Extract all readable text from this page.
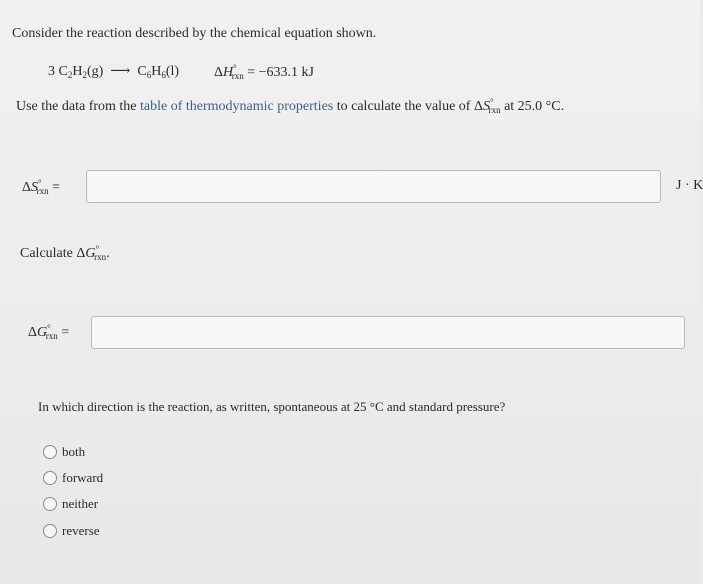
Consider the reaction described by the chemical equation shown.
3 $C_2H_2(g)$ ⟶ $C_6H_6(l) \Delta H^\circ_{rxn} = -633.1$ kJ
Use the data from the table of thermodynamic properties to calculate the value of $\Delta S^\circ_{rxn}$ at 25.0 °C.
$\Delta S^\circ_{rxn}$ =	J · K
Calculate $\Delta G^\circ_{rxn}$.
$\Delta G^\circ_{rxn}$ =
In which direction is the reaction, as written, spontaneous at 25 °C and standard pressure?
both
forward
neither
reverse
